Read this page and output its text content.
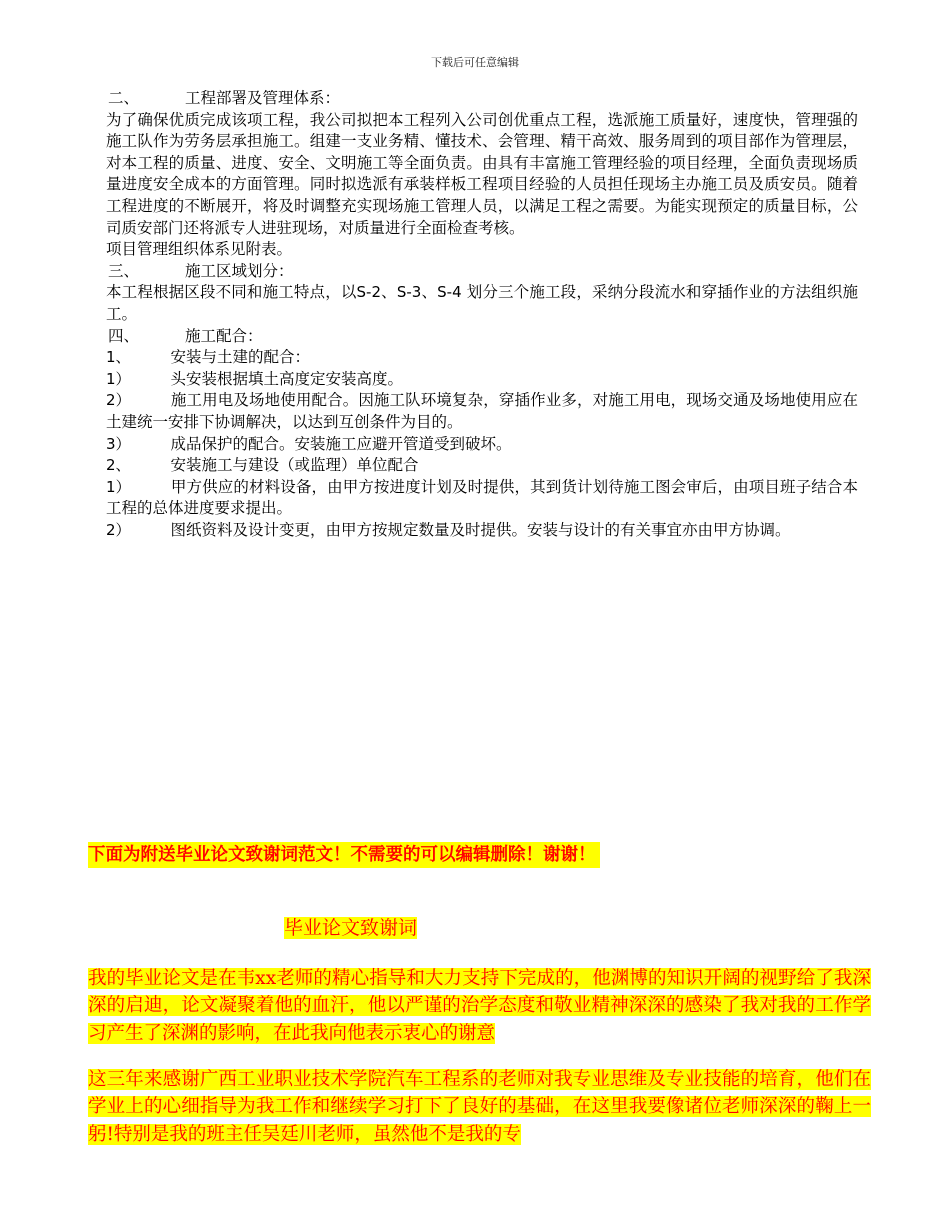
下载后可任意编辑
二、	工程部署及管理体系：
为了确保优质完成该项工程，我公司拟把本工程列入公司创优重点工程，选派施工质量好，速度快，管理强的施工队作为劳务层承担施工。组建一支业务精、懂技术、会管理、精干高效、服务周到的项目部作为管理层，对本工程的质量、进度、安全、文明施工等全面负责。由具有丰富施工管理经验的项目经理，全面负责现场质量进度安全成本的方面管理。同时拟选派有承装样板工程项目经验的人员担任现场主办施工员及质安员。随着工程进度的不断展开，将及时调整充实现场施工管理人员，以满足工程之需要。为能实现预定的质量目标，公司质安部门还将派专人进驻现场，对质量进行全面检查考核。
项目管理组织体系见附表。
三、	施工区域划分：
本工程根据区段不同和施工特点，以S-2、S-3、S-4 划分三个施工段，采纳分段流水和穿插作业的方法组织施工。
四、	施工配合：
1、	安装与土建的配合：
1）	头安装根据填土高度定安装高度。
2）	施工用电及场地使用配合。因施工队环境复杂，穿插作业多，对施工用电，现场交通及场地使用应在土建统一安排下协调解决，以达到互创条件为目的。
3）	成品保护的配合。安装施工应避开管道受到破坏。
2、	安装施工与建设（或监理）单位配合
1）	甲方供应的材料设备，由甲方按进度计划及时提供，其到货计划待施工图会审后，由项目班子结合本工程的总体进度要求提出。
2）	图纸资料及设计变更，由甲方按规定数量及时提供。安装与设计的有关事宜亦由甲方协调。
下面为附送毕业论文致谢词范文！不需要的可以编辑删除！谢谢！
毕业论文致谢词
我的毕业论文是在韦xx老师的精心指导和大力支持下完成的，他渊博的知识开阔的视野给了我深深的启迪，论文凝聚着他的血汗，他以严谨的治学态度和敬业精神深深的感染了我对我的工作学习产生了深渊的影响，在此我向他表示衷心的谢意
这三年来感谢广西工业职业技术学院汽车工程系的老师对我专业思维及专业技能的培育，他们在学业上的心细指导为我工作和继续学习打下了良好的基础，在这里我要像诸位老师深深的鞠上一躬!特别是我的班主任吴廷川老师，虽然他不是我的专
